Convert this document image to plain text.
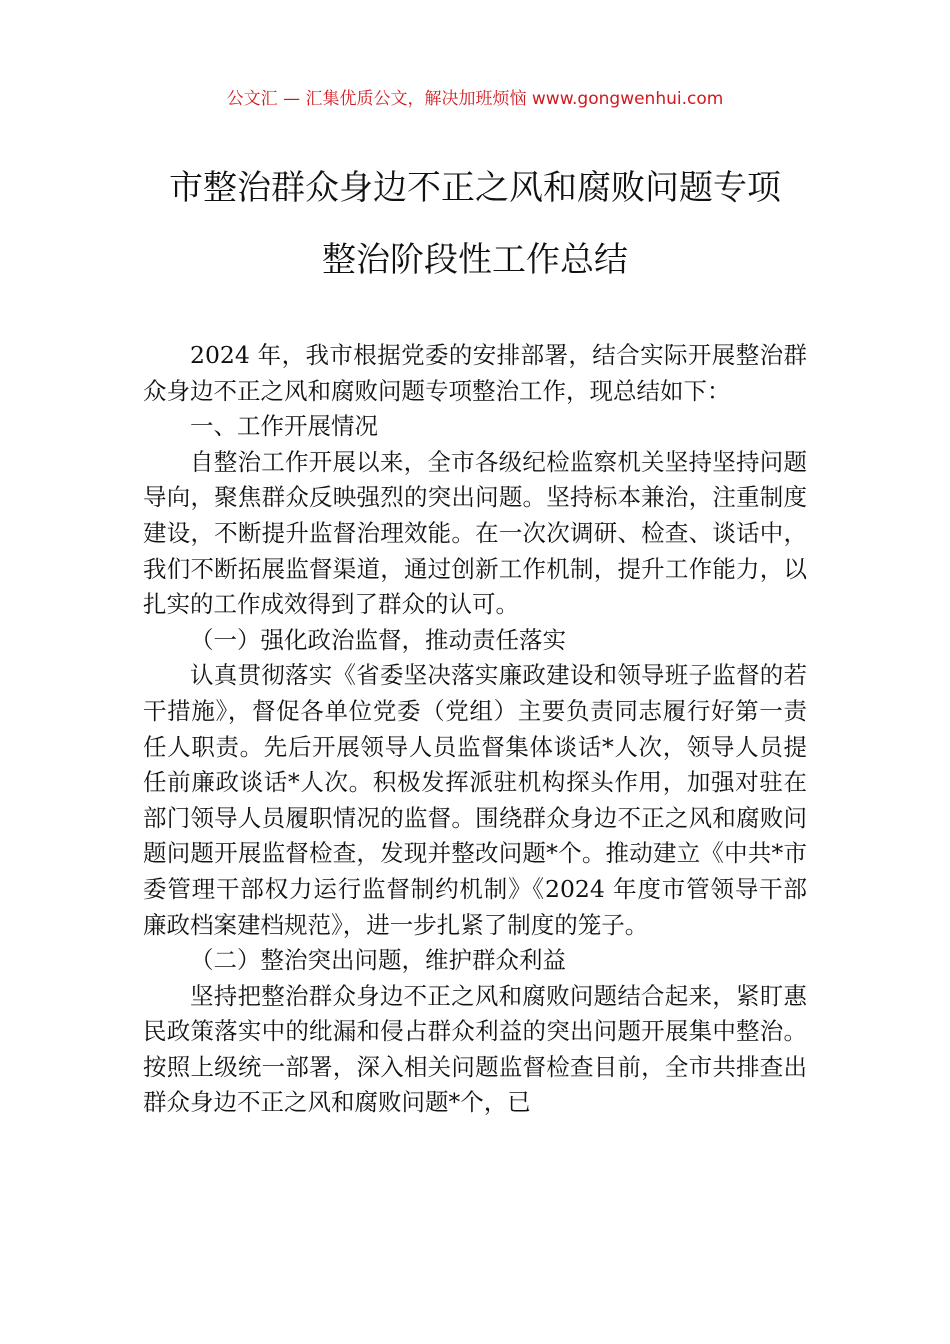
公文汇 — 汇集优质公文，解决加班烦恼 www.gongwenhui.com
市整治群众身边不正之风和腐败问题专项
整治阶段性工作总结

2024 年，我市根据党委的安排部署，结合实际开展整治群众身边不正之风和腐败问题专项整治工作，现总结如下：

一、工作开展情况

自整治工作开展以来，全市各级纪检监察机关坚持坚持问题导向，聚焦群众反映强烈的突出问题。坚持标本兼治，注重制度建设，不断提升监督治理效能。在一次次调研、检查、谈话中，我们不断拓展监督渠道，通过创新工作机制，提升工作能力，以扎实的工作成效得到了群众的认可。

（一）强化政治监督，推动责任落实

认真贯彻落实《省委坚决落实廉政建设和领导班子监督的若干措施》，督促各单位党委（党组）主要负责同志履行好第一责任人职责。先后开展领导人员监督集体谈话*人次，领导人员提任前廉政谈话*人次。积极发挥派驻机构探头作用，加强对驻在部门领导人员履职情况的监督。围绕群众身边不正之风和腐败问题问题开展监督检查，发现并整改问题*个。推动建立《中共*市委管理干部权力运行监督制约机制》《2024 年度市管领导干部廉政档案建档规范》，进一步扎紧了制度的笼子。

（二）整治突出问题，维护群众利益

坚持把整治群众身边不正之风和腐败问题结合起来，紧盯惠民政策落实中的纰漏和侵占群众利益的突出问题开展集中整治。按照上级统一部署，深入相关问题监督检查目前，全市共排查出群众身边不正之风和腐败问题*个，已
